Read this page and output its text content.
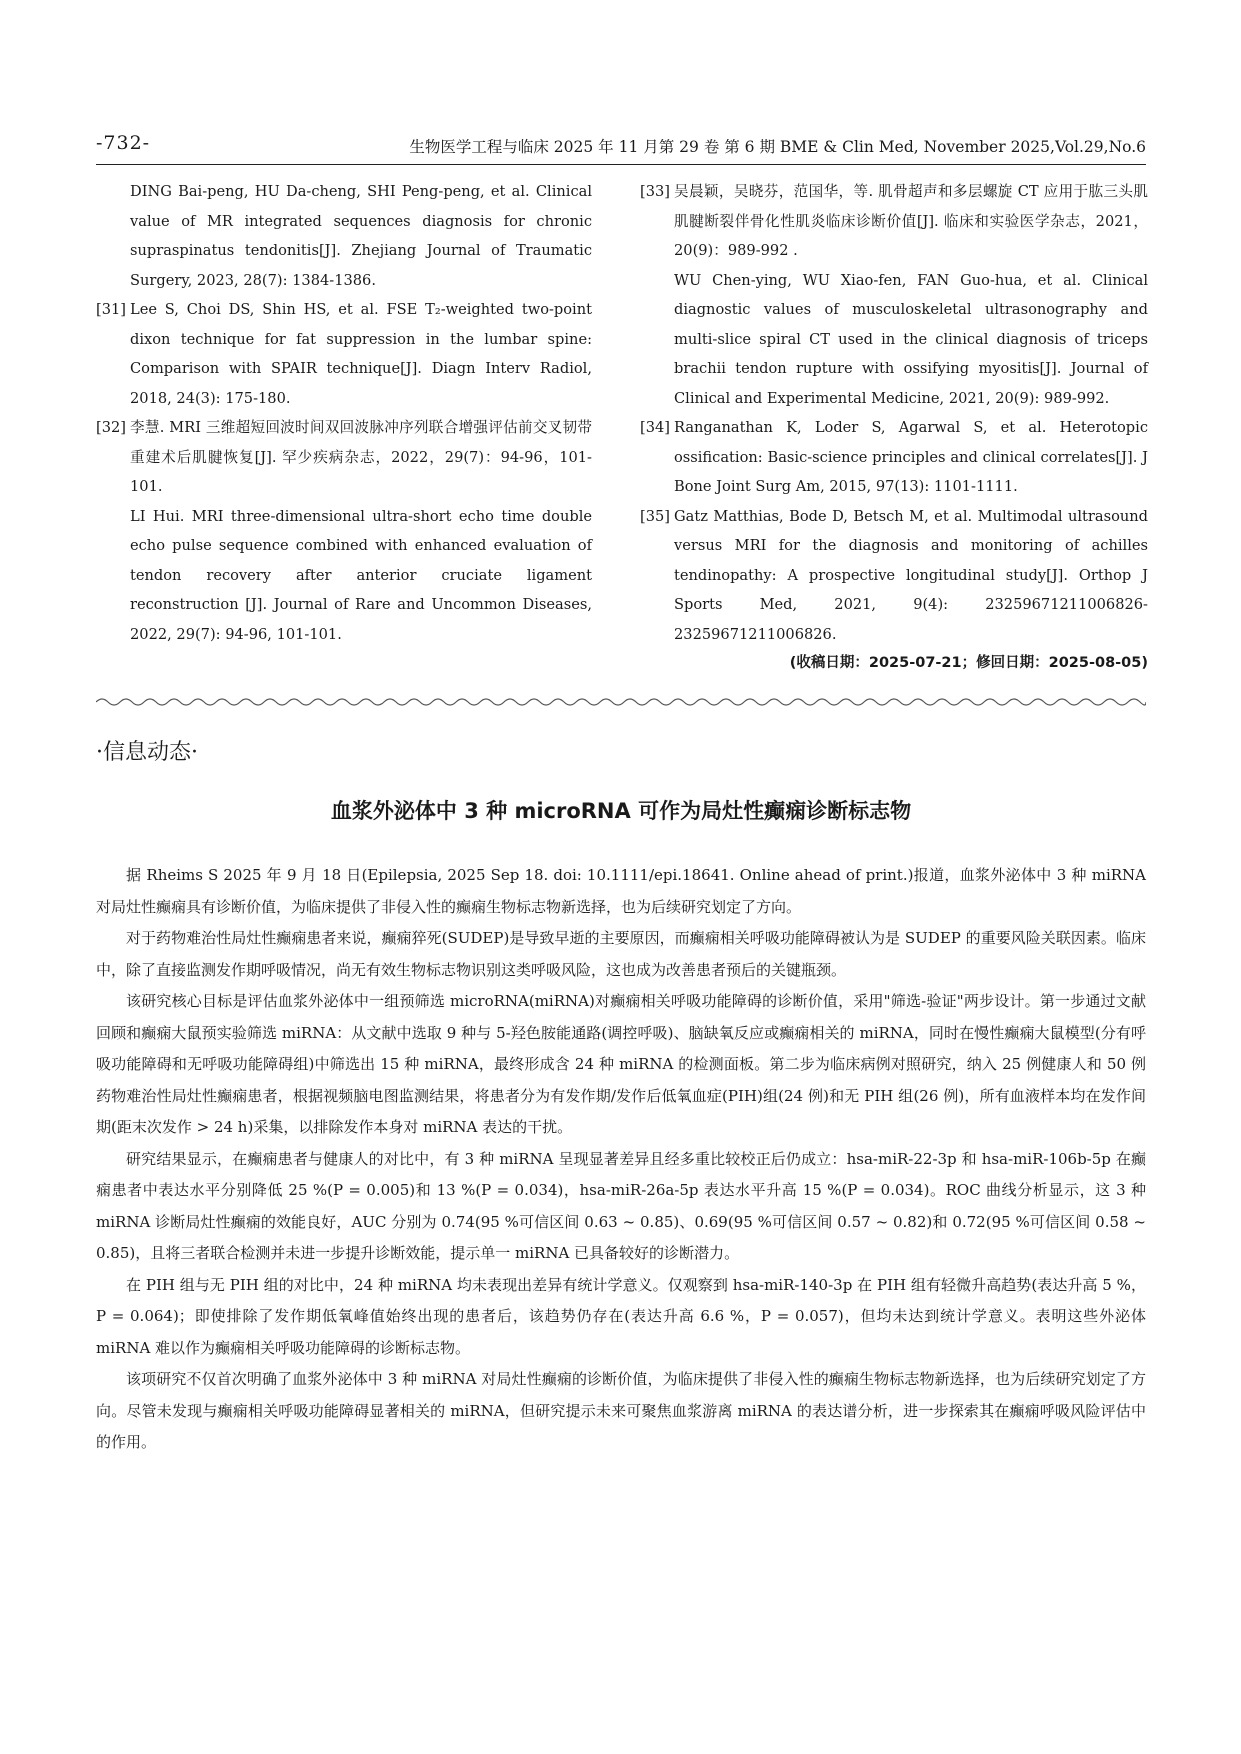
-732-	生物医学工程与临床 2025 年 11 月第 29 卷 第 6 期 BME & Clin Med, November 2025,Vol.29,No.6
DING Bai-peng, HU Da-cheng, SHI Peng-peng, et al. Clinical value of MR integrated sequences diagnosis for chronic supraspinatus tendonitis[J]. Zhejiang Journal of Traumatic Surgery, 2023, 28(7): 1384-1386.
[31] Lee S, Choi DS, Shin HS, et al. FSE T₂-weighted two-point dixon technique for fat suppression in the lumbar spine: Comparison with SPAIR technique[J]. Diagn Interv Radiol, 2018, 24(3): 175-180.
[32] 李慧. MRI 三维超短回波时间双回波脉冲序列联合增强评估前交叉韧带重建术后肌腱恢复[J]. 罕少疾病杂志，2022，29(7)：94-96，101-101.
LI Hui. MRI three-dimensional ultra-short echo time double echo pulse sequence combined with enhanced evaluation of tendon recovery after anterior cruciate ligament reconstruction [J]. Journal of Rare and Uncommon Diseases, 2022, 29(7): 94-96, 101-101.
[33] 吴晨颖，吴晓芬，范国华，等. 肌骨超声和多层螺旋 CT 应用于肱三头肌肌腱断裂伴骨化性肌炎临床诊断价值[J]. 临床和实验医学杂志，2021，20(9)：989-992 .
WU Chen-ying, WU Xiao-fen, FAN Guo-hua, et al. Clinical diagnostic values of musculoskeletal ultrasonography and multi-slice spiral CT used in the clinical diagnosis of triceps brachii tendon rupture with ossifying myositis[J]. Journal of Clinical and Experimental Medicine, 2021, 20(9): 989-992.
[34] Ranganathan K, Loder S, Agarwal S, et al. Heterotopic ossification: Basic-science principles and clinical correlates[J]. J Bone Joint Surg Am, 2015, 97(13): 1101-1111.
[35] Gatz Matthias, Bode D, Betsch M, et al. Multimodal ultrasound versus MRI for the diagnosis and monitoring of achilles tendinopathy: A prospective longitudinal study[J]. Orthop J Sports Med, 2021, 9(4): 23259671211006826-23259671211006826.
(收稿日期：2025-07-21；修回日期：2025-08-05)
·信息动态·
血浆外泌体中 3 种 microRNA 可作为局灶性癫痫诊断标志物

据 Rheims S 2025 年 9 月 18 日(Epilepsia, 2025 Sep 18. doi: 10.1111/epi.18641. Online ahead of print.)报道，血浆外泌体中 3 种 miRNA 对局灶性癫痫具有诊断价值，为临床提供了非侵入性的癫痫生物标志物新选择，也为后续研究划定了方向。

对于药物难治性局灶性癫痫患者来说，癫痫猝死(SUDEP)是导致早逝的主要原因，而癫痫相关呼吸功能障碍被认为是 SUDEP 的重要风险关联因素。临床中，除了直接监测发作期呼吸情况，尚无有效生物标志物识别这类呼吸风险，这也成为改善患者预后的关键瓶颈。

该研究核心目标是评估血浆外泌体中一组预筛选 microRNA(miRNA)对癫痫相关呼吸功能障碍的诊断价值，采用"筛选-验证"两步设计。第一步通过文献回顾和癫痫大鼠预实验筛选 miRNA：从文献中选取 9 种与 5-羟色胺能通路(调控呼吸)、脑缺氧反应或癫痫相关的 miRNA，同时在慢性癫痫大鼠模型(分有呼吸功能障碍和无呼吸功能障碍组)中筛选出 15 种 miRNA，最终形成含 24 种 miRNA 的检测面板。第二步为临床病例对照研究，纳入 25 例健康人和 50 例药物难治性局灶性癫痫患者，根据视频脑电图监测结果，将患者分为有发作期/发作后低氧血症(PIH)组(24 例)和无 PIH 组(26 例)，所有血液样本均在发作间期(距末次发作 > 24 h)采集，以排除发作本身对 miRNA 表达的干扰。

研究结果显示，在癫痫患者与健康人的对比中，有 3 种 miRNA 呈现显著差异且经多重比较校正后仍成立：hsa-miR-22-3p 和 hsa-miR-106b-5p 在癫痫患者中表达水平分别降低 25 %(P = 0.005)和 13 %(P = 0.034)，hsa-miR-26a-5p 表达水平升高 15 %(P = 0.034)。ROC 曲线分析显示，这 3 种 miRNA 诊断局灶性癫痫的效能良好，AUC 分别为 0.74(95 %可信区间 0.63 ~ 0.85)、0.69(95 %可信区间 0.57 ~ 0.82)和 0.72(95 %可信区间 0.58 ~ 0.85)，且将三者联合检测并未进一步提升诊断效能，提示单一 miRNA 已具备较好的诊断潜力。

在 PIH 组与无 PIH 组的对比中，24 种 miRNA 均未表现出差异有统计学意义。仅观察到 hsa-miR-140-3p 在 PIH 组有轻微升高趋势(表达升高 5 %，P = 0.064)；即使排除了发作期低氧峰值始终出现的患者后，该趋势仍存在(表达升高 6.6 %，P = 0.057)，但均未达到统计学意义。表明这些外泌体 miRNA 难以作为癫痫相关呼吸功能障碍的诊断标志物。

该项研究不仅首次明确了血浆外泌体中 3 种 miRNA 对局灶性癫痫的诊断价值，为临床提供了非侵入性的癫痫生物标志物新选择，也为后续研究划定了方向。尽管未发现与癫痫相关呼吸功能障碍显著相关的 miRNA，但研究提示未来可聚焦血浆游离 miRNA 的表达谱分析，进一步探索其在癫痫呼吸风险评估中的作用。
